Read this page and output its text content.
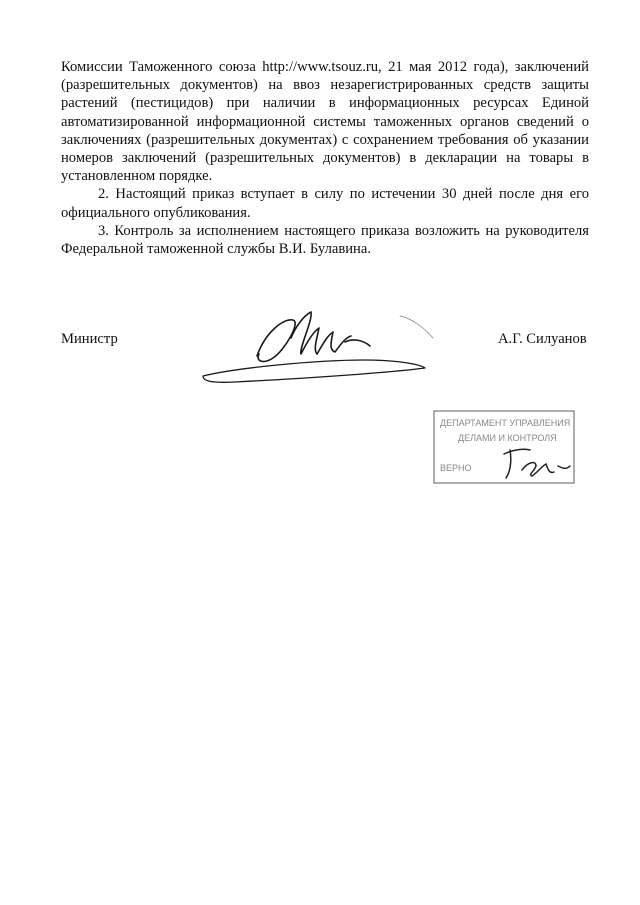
Комиссии Таможенного союза http://www.tsouz.ru, 21 мая 2012 года), заключений (разрешительных документов) на ввоз незарегистрированных средств защиты растений (пестицидов) при наличии в информационных ресурсах Единой автоматизированной информационной системы таможенных органов сведений о заключениях (разрешительных документах) с сохранением требования об указании номеров заключений (разрешительных документов) в декларации на товары в установленном порядке.

2. Настоящий приказ вступает в силу по истечении 30 дней после дня его официального опубликования.

3. Контроль за исполнением настоящего приказа возложить на руководителя Федеральной таможенной службы В.И. Булавина.

Министр	А.Г. Силуанов
ДЕПАРТАМЕНТ УПРАВЛЕНИЯ
ДЕЛАМИ И КОНТРОЛЯ
ВЕРНО
